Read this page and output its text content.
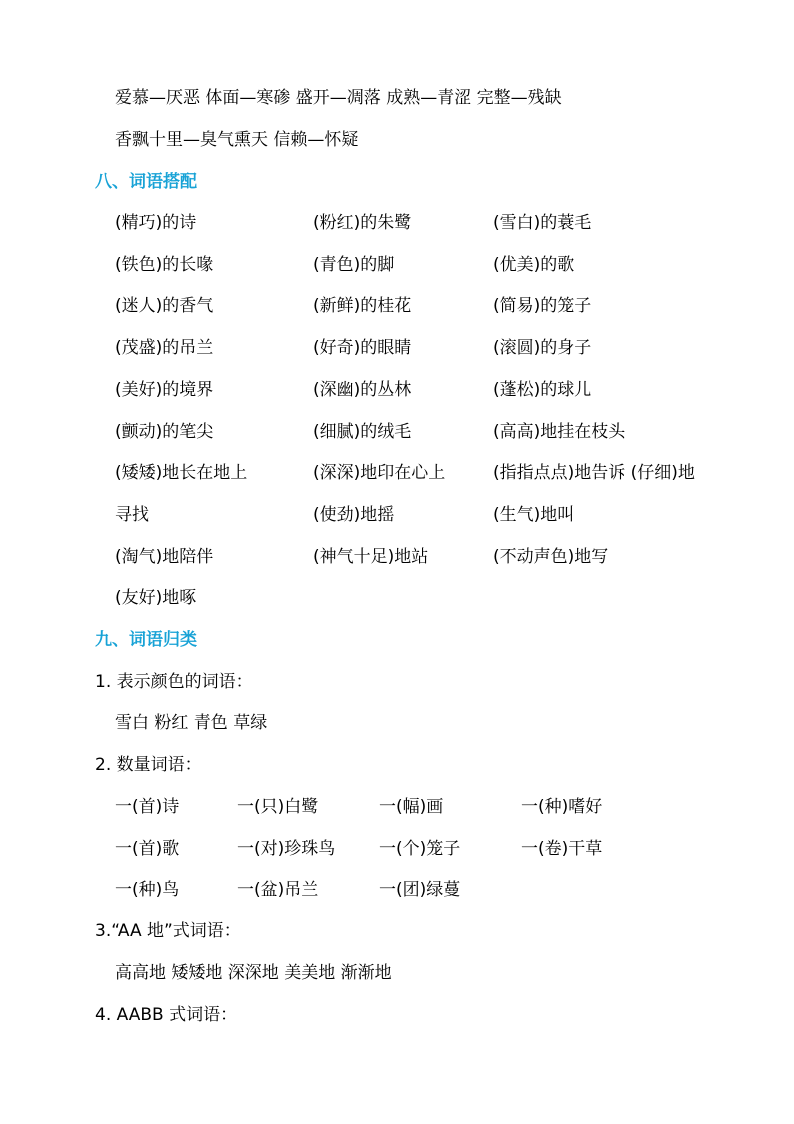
爱慕—厌恶 体面—寒碜 盛开—凋落 成熟—青涩 完整—残缺
香飘十里—臭气熏天 信赖—怀疑
八、词语搭配
(精巧)的诗	(粉红)的朱鹭	(雪白)的蓑毛
(铁色)的长喙	(青色)的脚	(优美)的歌
(迷人)的香气	(新鲜)的桂花	(简易)的笼子
(茂盛)的吊兰	(好奇)的眼睛	(滚圆)的身子
(美好)的境界	(深幽)的丛林	(蓬松)的球儿
(颤动)的笔尖	(细腻)的绒毛	(高高)地挂在枝头
(矮矮)地长在地上	(深深)地印在心上	(指指点点)地告诉 (仔细)地
寻找	(使劲)地摇	(生气)地叫
(淘气)地陪伴	(神气十足)地站	(不动声色)地写
(友好)地啄
九、词语归类
1. 表示颜色的词语：
雪白 粉红 青色 草绿
2. 数量词语：
一(首)诗	一(只)白鹭	一(幅)画	一(种)嗜好
一(首)歌	一(对)珍珠鸟	一(个)笼子	一(卷)干草
一(种)鸟	一(盆)吊兰	一(团)绿蔓
3.“AA 地”式词语：
高高地 矮矮地 深深地 美美地 渐渐地
4. AABB 式词语：
